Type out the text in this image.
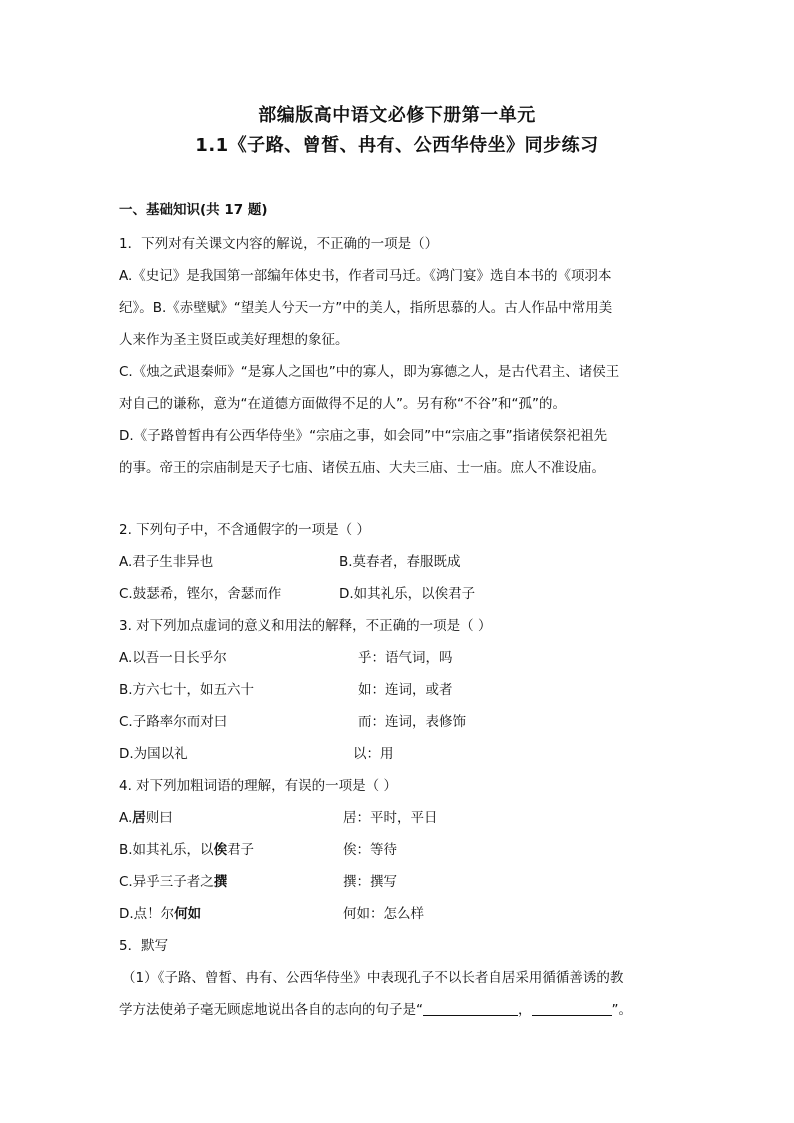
部编版高中语文必修下册第一单元
1.1《子路、曾皙、冉有、公西华侍坐》同步练习
一、基础知识(共 17 题)
1．下列对有关课文内容的解说，不正确的一项是（）
A.《史记》是我国第一部编年体史书，作者司马迁。《鸿门宴》选自本书的《项羽本
纪》。B.《赤壁赋》“望美人兮天一方”中的美人，指所思慕的人。古人作品中常用美
人来作为圣主贤臣或美好理想的象征。
C.《烛之武退秦师》“是寡人之国也”中的寡人，即为寡德之人，是古代君主、诸侯王
对自己的谦称，意为“在道德方面做得不足的人”。另有称“不谷”和“孤”的。
D.《子路曾皙冉有公西华侍坐》“宗庙之事，如会同”中“宗庙之事”指诸侯祭祀祖先
的事。帝王的宗庙制是天子七庙、诸侯五庙、大夫三庙、士一庙。庶人不准设庙。
2. 下列句子中，不含通假字的一项是（ ）
A.君子生非异也	B.莫春者，春服既成
C.鼓瑟希，铿尔，舍瑟而作	D.如其礼乐，以俟君子
3. 对下列加点虚词的意义和用法的解释，不正确的一项是（ ）
A.以吾一日长乎尔	乎：语气词，吗
B.方六七十，如五六十	如：连词，或者
C.子路率尔而对曰	而：连词，表修饰
D.为国以礼	以：用
4. 对下列加粗词语的理解，有误的一项是（ ）
A.居则曰	居：平时，平日
B.如其礼乐，以俟君子	俟：等待
C.异乎三子者之撰	撰：撰写
D.点！尔何如	何如：怎么样
5．默写
（1）《子路、曾皙、冉有、公西华侍坐》中表现孔子不以长者自居采用循循善诱的教
学方法使弟子毫无顾虑地说出各自的志向的句子是“	，	”。
